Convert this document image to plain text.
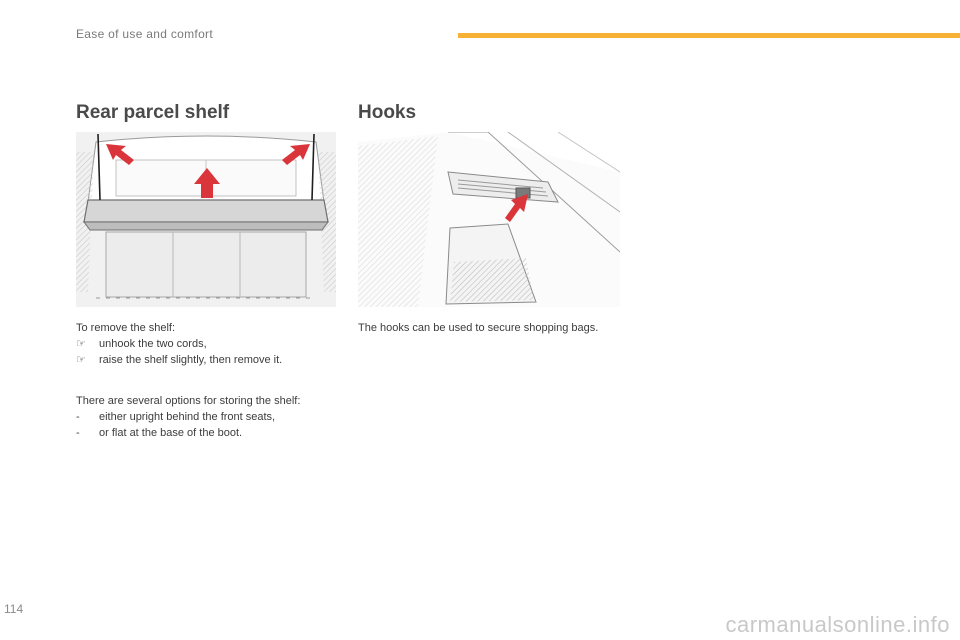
Ease of use and comfort
Rear parcel shelf	Hooks

To remove the shelf:

☞	unhook the two cords,
☞	raise the shelf slightly, then remove it.

There are several options for storing the shelf:

-	either upright behind the front seats,
-	or flat at the base of the boot.
The hooks can be used to secure shopping bags.
114
carmanualsonline.info
